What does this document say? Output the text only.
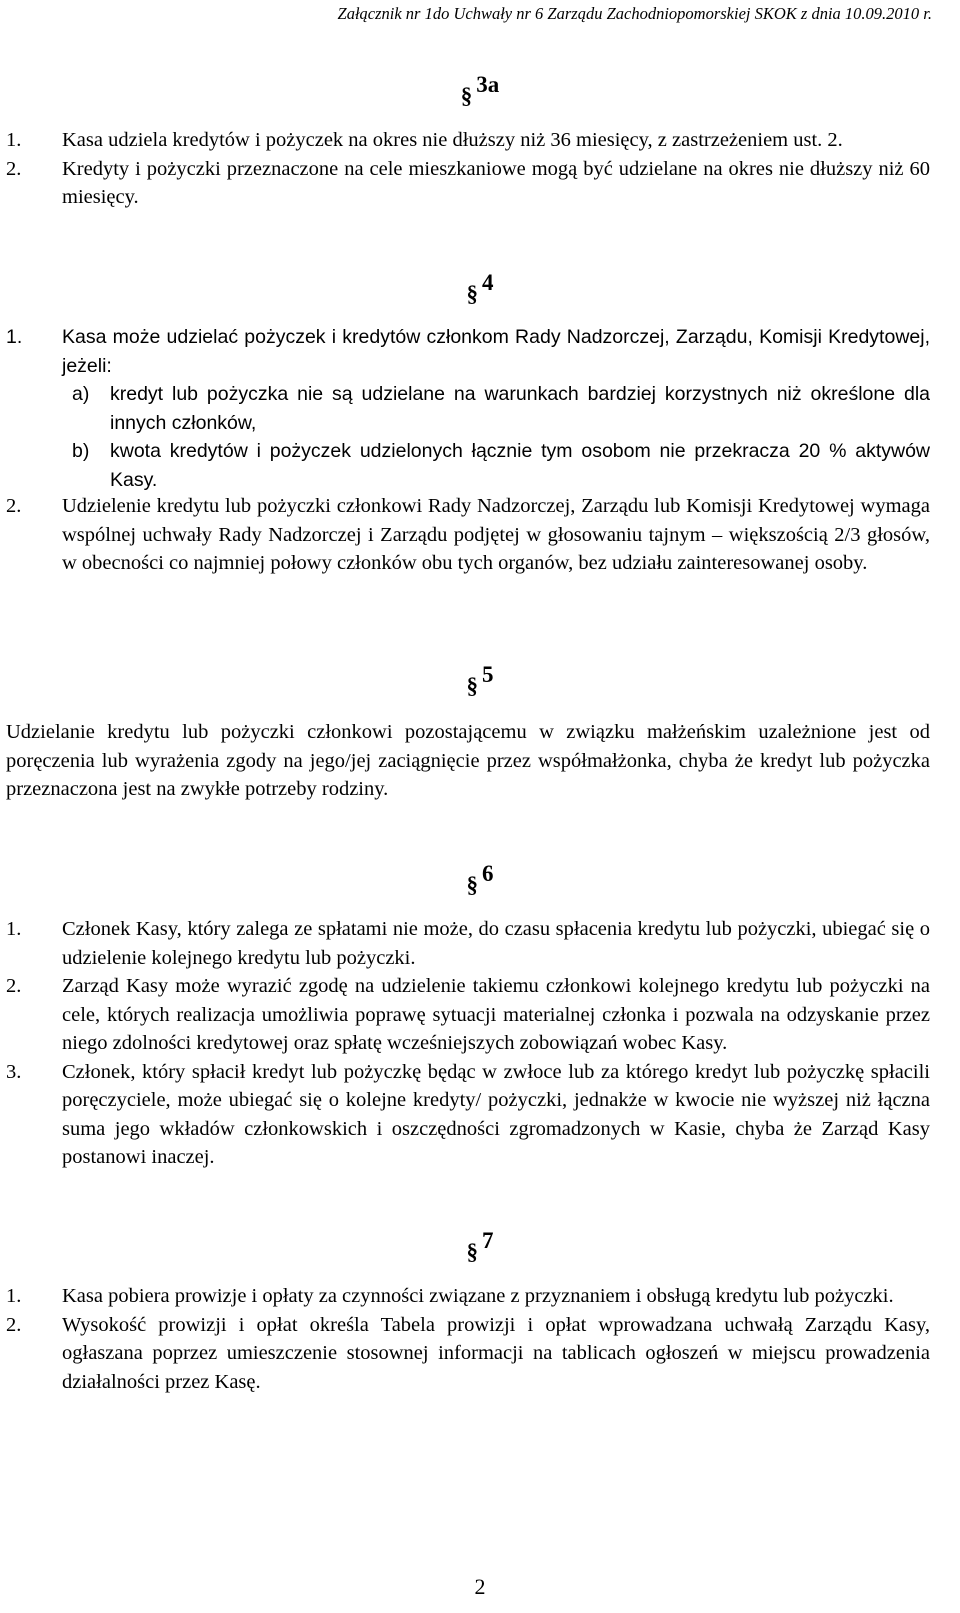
Załącznik nr 1do Uchwały nr 6 Zarządu Zachodniopomorskiej SKOK z dnia 10.09.2010 r.
§ 3a
1.	Kasa udziela kredytów i pożyczek na okres nie dłuższy niż 36 miesięcy, z zastrzeżeniem ust. 2.
2.	Kredyty i pożyczki przeznaczone na cele mieszkaniowe mogą być udzielane na okres nie dłuższy niż 60 miesięcy.
§ 4
1.	Kasa może udzielać pożyczek i kredytów członkom Rady Nadzorczej, Zarządu, Komisji Kredytowej, jeżeli:
a)	kredyt lub pożyczka nie są udzielane na warunkach bardziej korzystnych niż określone dla innych członków,
b)	kwota kredytów i pożyczek udzielonych łącznie tym osobom nie przekracza 20 % aktywów Kasy.
2.	Udzielenie kredytu lub pożyczki członkowi Rady Nadzorczej, Zarządu lub Komisji Kredytowej wymaga wspólnej uchwały Rady Nadzorczej i Zarządu podjętej w głosowaniu tajnym – większością 2/3 głosów, w obecności co najmniej połowy członków obu tych organów, bez udziału zainteresowanej osoby.
§ 5
Udzielanie kredytu lub pożyczki członkowi pozostającemu w związku małżeńskim uzależnione jest od poręczenia lub wyrażenia zgody na jego/jej zaciągnięcie przez współmałżonka, chyba że kredyt lub pożyczka przeznaczona jest na zwykłe potrzeby rodziny.
§ 6
1.	Członek Kasy, który zalega ze spłatami nie może, do czasu spłacenia kredytu lub pożyczki, ubiegać się o udzielenie kolejnego kredytu lub pożyczki.
2.	Zarząd Kasy może wyrazić zgodę na udzielenie takiemu członkowi kolejnego kredytu lub pożyczki na cele, których realizacja umożliwia poprawę sytuacji materialnej członka i pozwala na odzyskanie przez niego zdolności kredytowej oraz spłatę wcześniejszych zobowiązań wobec Kasy.
3.	Członek, który spłacił kredyt lub pożyczkę będąc w zwłoce lub za którego kredyt lub pożyczkę spłacili poręczyciele, może ubiegać się o kolejne kredyty/ pożyczki, jednakże w kwocie nie wyższej niż łączna suma jego wkładów członkowskich i oszczędności zgromadzonych w Kasie, chyba że Zarząd Kasy postanowi inaczej.
§ 7
1.	Kasa pobiera prowizje i opłaty za czynności związane z przyznaniem i obsługą kredytu lub pożyczki.
2.	Wysokość prowizji i opłat określa Tabela prowizji i opłat wprowadzana uchwałą Zarządu Kasy, ogłaszana poprzez umieszczenie stosownej informacji na tablicach ogłoszeń w miejscu prowadzenia działalności przez Kasę.
2
